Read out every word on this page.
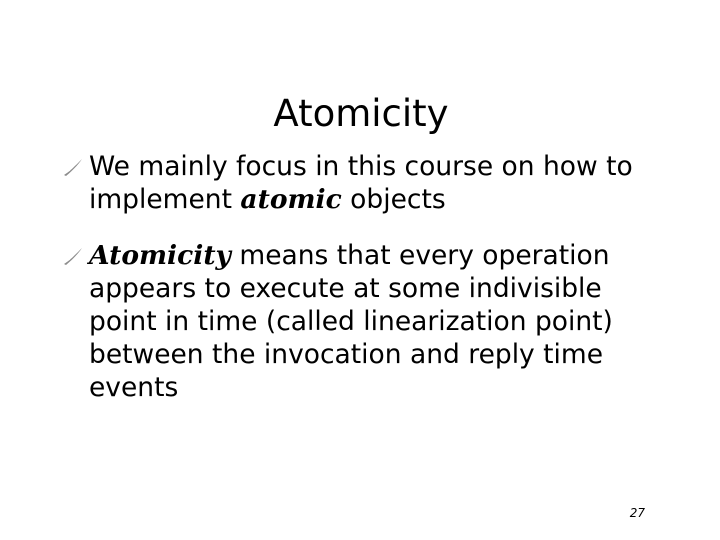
Atomicity
We mainly focus in this course on how to implement atomic objects
Atomicity means that every operation appears to execute at some indivisible point in time (called linearization point) between the invocation and reply time events
27
